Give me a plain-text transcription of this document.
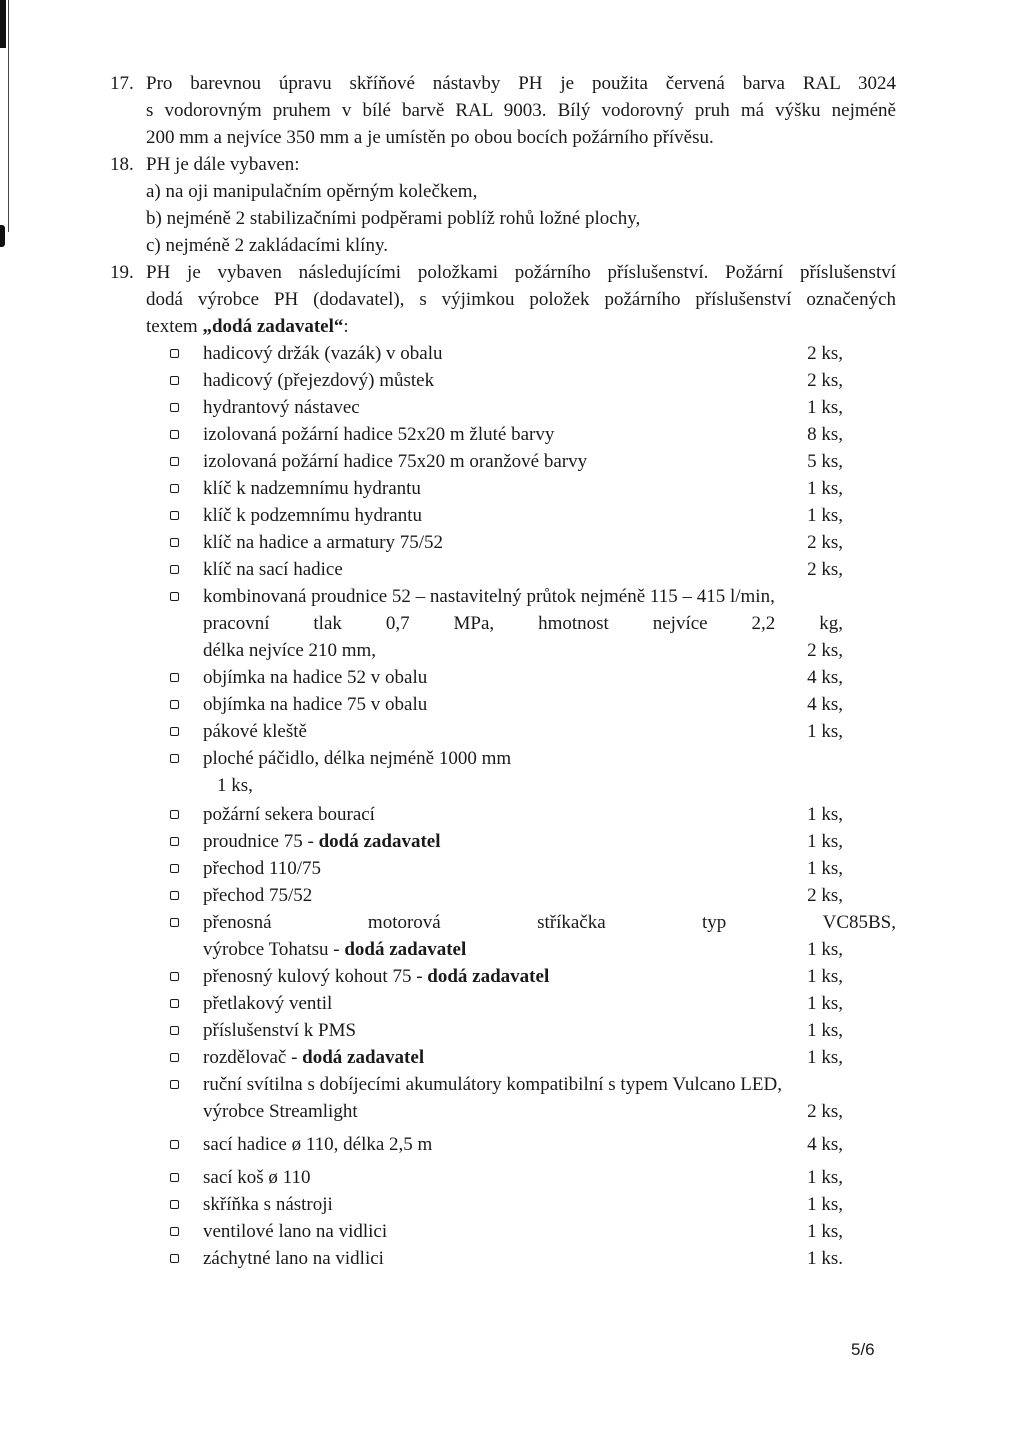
17. Pro barevnou úpravu skříňové nástavby PH je použita červená barva RAL 3024
s vodorovným pruhem v bílé barvě RAL 9003. Bílý vodorovný pruh má výšku nejméně
200 mm a nejvíce 350 mm a je umístěn po obou bocích požárního přívěsu.
18. PH je dále vybaven:
a) na oji manipulačním opěrným kolečkem,
b) nejméně 2 stabilizačními podpěrami poblíž rohů ložné plochy,
c) nejméně 2 zakládacími klíny.
19. PH je vybaven následujícími položkami požárního příslušenství. Požární příslušenství
dodá výrobce PH (dodavatel), s výjimkou položek požárního příslušenství označených
textem „dodá zadavatel“:
hadicový držák (vazák) v obalu	2 ks,
hadicový (přejezdový) můstek	2 ks,
hydrantový nástavec	1 ks,
izolovaná požární hadice 52x20 m žluté barvy	8 ks,
izolovaná požární hadice 75x20 m oranžové barvy	5 ks,
klíč k nadzemnímu hydrantu	1 ks,
klíč k podzemnímu hydrantu	1 ks,
klíč na hadice a armatury 75/52	2 ks,
klíč na sací hadice	2 ks,
kombinovaná proudnice 52 – nastavitelný průtok nejméně 115 – 415 l/min,
pracovní tlak 0,7 MPa, hmotnost nejvíce 2,2 kg,
délka nejvíce 210 mm,	2 ks,
objímka na hadice 52 v obalu	4 ks,
objímka na hadice 75 v obalu	4 ks,
pákové kleště	1 ks,
ploché páčidlo, délka nejméně 1000 mm
1 ks,
požární sekera bourací	1 ks,
proudnice 75 - dodá zadavatel	1 ks,
přechod 110/75	1 ks,
přechod 75/52	2 ks,
přenosná	motorová	stříkačka	typ	VC85BS,
výrobce Tohatsu - dodá zadavatel	1 ks,
přenosný kulový kohout 75 - dodá zadavatel	1 ks,
přetlakový ventil	1 ks,
příslušenství k PMS	1 ks,
rozdělovač - dodá zadavatel	1 ks,
ruční svítilna s dobíjecími akumulátory kompatibilní s typem Vulcano LED,
výrobce Streamlight	2 ks,
sací hadice ø 110, délka 2,5 m	4 ks,
sací koš ø 110	1 ks,
skříňka s nástroji	1 ks,
ventilové lano na vidlici	1 ks,
záchytné lano na vidlici	1 ks.
5/6
